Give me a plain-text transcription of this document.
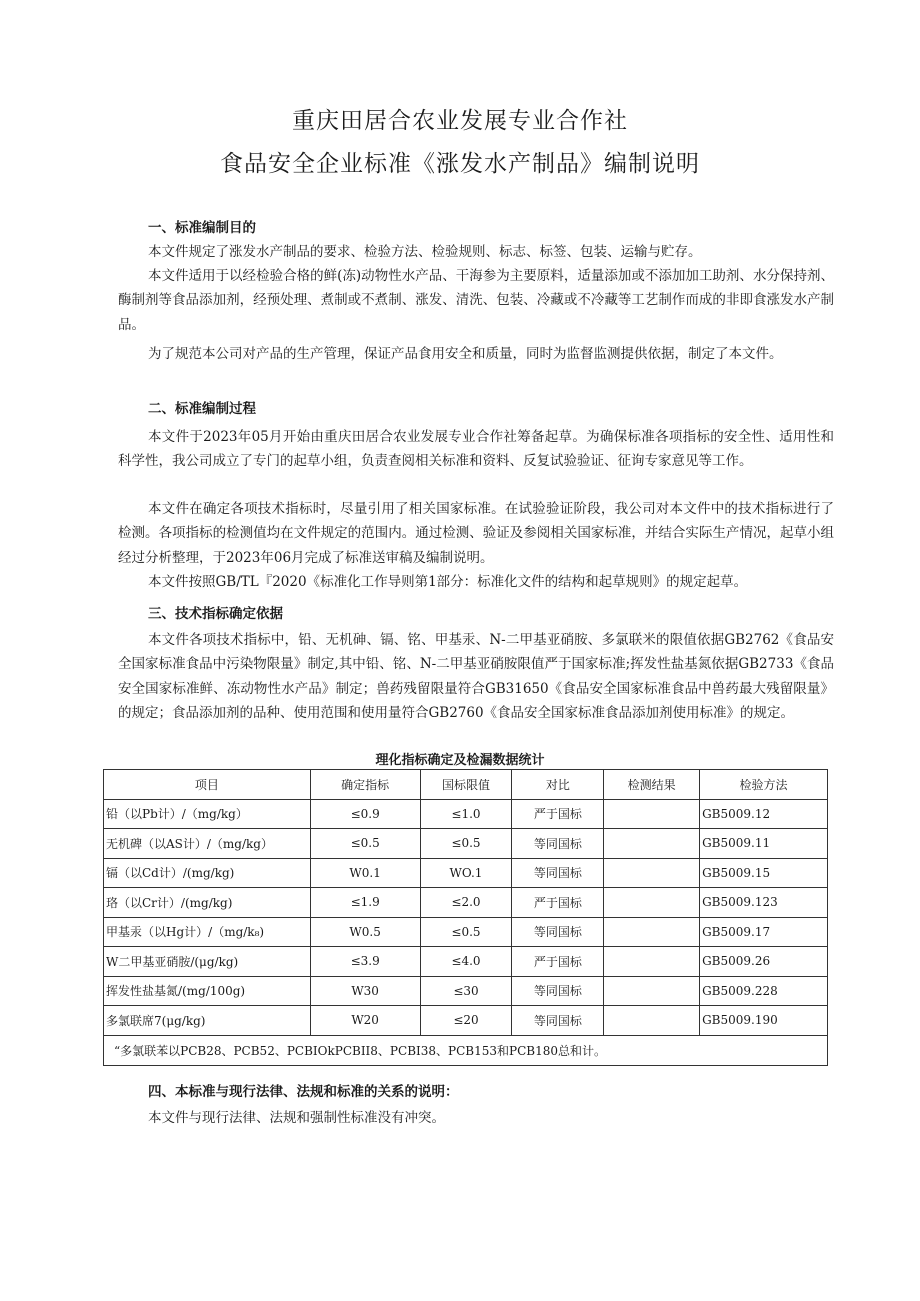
重庆田居合农业发展专业合作社
食品安全企业标准《涨发水产制品》编制说明
一、标准编制目的

本文件规定了涨发水产制品的要求、检验方法、检验规则、标志、标签、包装、运输与贮存。

本文件适用于以经检验合格的鲜(冻)动物性水产品、干海参为主要原料，适量添加或不添加加工助剂、水分保持剂、酶制剂等食品添加剂，经预处理、煮制或不煮制、涨发、清洗、包装、冷藏或不冷藏等工艺制作而成的非即食涨发水产制品。

为了规范本公司对产品的生产管理，保证产品食用安全和质量，同时为监督监测提供依据，制定了本文件。

二、标准编制过程

本文件于2023年05月开始由重庆田居合农业发展专业合作社筹备起草。为确保标准各项指标的安全性、适用性和科学性，我公司成立了专门的起草小组，负责查阅相关标准和资料、反复试验验证、征询专家意见等工作。

本文件在确定各项技术指标时，尽量引用了相关国家标准。在试验验证阶段，我公司对本文件中的技术指标进行了检测。各项指标的检测值均在文件规定的范围内。通过检测、验证及参阅相关国家标准，并结合实际生产情况，起草小组经过分析整理，于2023年06月完成了标准送审稿及编制说明。

本文件按照GB/TL『2020《标准化工作导则第1部分：标准化文件的结构和起草规则》的规定起草。

三、技术指标确定依据

本文件各项技术指标中，铅、无机砷、镉、铭、甲基汞、N-二甲基亚硝胺、多氯联米的限值依据GB2762《食品安全国家标准食品中污染物限量》制定,其中铅、铭、N-二甲基亚硝胺限值严于国家标准;挥发性盐基氮依据GB2733《食品安全国家标准鲜、冻动物性水产品》制定；兽药残留限量符合GB31650《食品安全国家标准食品中兽药最大残留限量》的规定；食品添加剂的品种、使用范围和使用量符合GB2760《食品安全国家标准食品添加剂使用标准》的规定。

理化指标确定及检漏数据统计
项目	确定指标	国标限值	对比	检测结果	检验方法
铅（以Pb计）/（mg/kg）	≤0.9	≤1.0	严于国标		GB5009.12
无机碑（以AS计）/（mg/kg）	≤0.5	≤0.5	等同国标		GB5009.11
镉（以Cd计）/(mg/kg)	W0.1	WO.1	等同国标		GB5009.15
珞（以Cr计）/(mg/kg)	≤1.9	≤2.0	严于国标		GB5009.123
甲基汞（以Hg计）/（mg/k₈)	W0.5	≤0.5	等同国标		GB5009.17
W二甲基亚硝胺/(μg/kg)	≤3.9	≤4.0	严于国标		GB5009.26
挥发性盐基氮/(mg/100g)	W30	≤30	等同国标		GB5009.228
多氯联席7(μg/kg)	W20	≤20	等同国标		GB5009.190
“多氯联苯以PCB28、PCB52、PCBIOkPCBII8、PCBI38、PCB153和PCB180总和计。					
四、本标准与现行法律、法规和标准的关系的说明：

本文件与现行法律、法规和强制性标准没有冲突。
